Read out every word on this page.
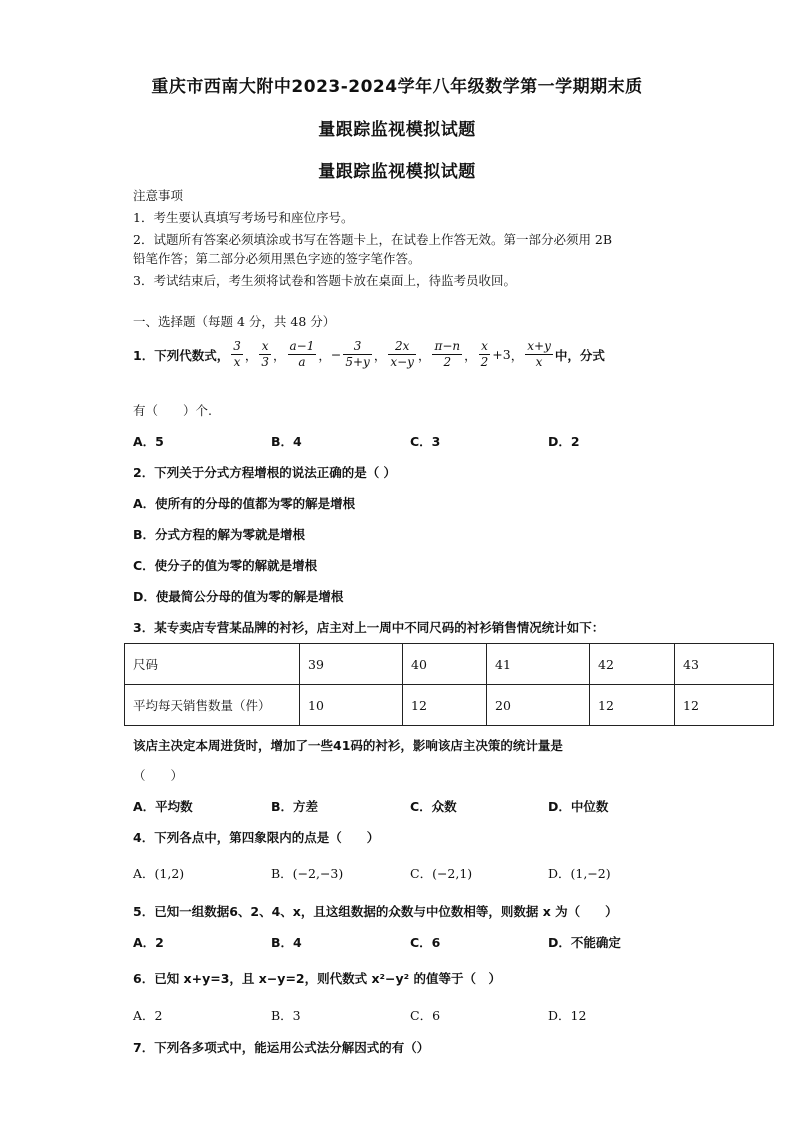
重庆市西南大附中2023-2024学年八年级数学第一学期期末质
量跟踪监视模拟试题
量跟踪监视模拟试题
注意事项
1．考生要认真填写考场号和座位序号。
2．试题所有答案必须填涂或书写在答题卡上，在试卷上作答无效。第一部分必须用 2B
铅笔作答；第二部分必须用黑色字迹的签字笔作答。
3．考试结束后，考生须将试卷和答题卡放在桌面上，待监考员收回。
一、选择题（每题 4 分，共 48 分）
1．下列代数式， $\frac{3}{x}$ ， $\frac{x}{3}$ ， $\frac{a-1}{a}$ ， − $\frac{3}{5+y}$ ， $\frac{2x}{x-y}$ ， $\frac{\pi-n}{2}$ ， $\frac{x}{2} +3$ ， $\frac{x+y}{x}$ 中，分式
有（　　）个.
A．5	B．4	C．3	D．2
2．下列关于分式方程增根的说法正确的是（ ）
A．使所有的分母的值都为零的解是增根
B．分式方程的解为零就是增根
C．使分子的值为零的解就是增根
D．使最简公分母的值为零的解是增根
3．某专卖店专营某品牌的衬衫，店主对上一周中不同尺码的衬衫销售情况统计如下：
尺码	39	40	41	42	43
平均每天销售数量（件）	10	12	20	12	12
该店主决定本周进货时，增加了一些41码的衬衫，影响该店主决策的统计量是
（　　）
A．平均数	B．方差	C．众数	D．中位数
4．下列各点中，第四象限内的点是（　　）
A．(1,2)	B．(−2,−3)	C．(−2,1)	D．(1,−2)
5．已知一组数据6、2、4、x，且这组数据的众数与中位数相等，则数据 x 为（　　）
A．2	B．4	C．6	D．不能确定
6．已知 x+y=3，且 x−y=2，则代数式 x²−y² 的值等于（　）
A．2	B．3	C．6	D．12
7．下列各多项式中，能运用公式法分解因式的有（）
